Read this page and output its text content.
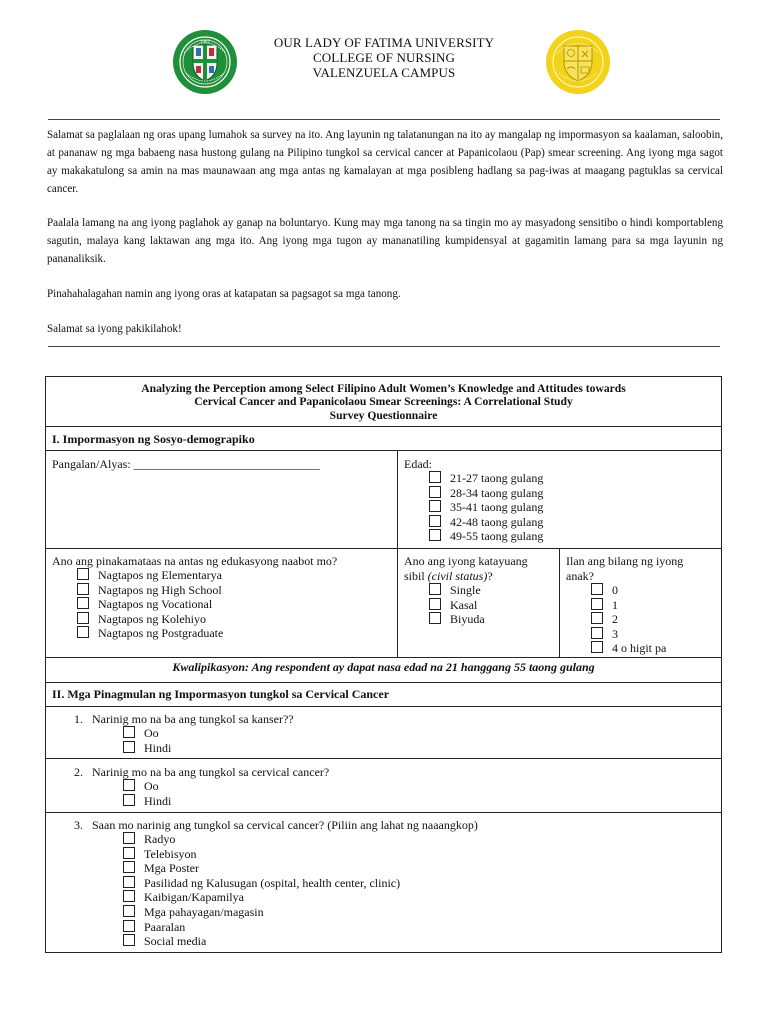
1967	OUR LADY OF FATIMA UNIVERSITY
COLLEGE OF NURSING
VALENZUELA CAMPUS

Salamat sa paglalaan ng oras upang lumahok sa survey na ito. Ang layunin ng talatanungan na ito ay mangalap ng impormasyon sa kaalaman, saloobin, at pananaw ng mga babaeng nasa hustong gulang na Pilipino tungkol sa cervical cancer at Papanicolaou (Pap) smear screening. Ang iyong mga sagot ay makakatulong sa amin na mas maunawaan ang mga antas ng kamalayan at mga posibleng hadlang sa pag-iwas at maagang pagtuklas sa cervical cancer.

Paalala lamang na ang iyong paglahok ay ganap na boluntaryo. Kung may mga tanong na sa tingin mo ay masyadong sensitibo o hindi komportableng sagutin, malaya kang laktawan ang mga ito. Ang iyong mga tugon ay mananatiling kumpidensyal at gagamitin lamang para sa mga layunin ng pananaliksik.

Pinahahalagahan namin ang iyong oras at katapatan sa pagsagot sa mga tanong.

Salamat sa iyong pakikilahok!

Analyzing the Perception among Select Filipino Adult Women’s Knowledge and Attitudes towards
Cervical Cancer and Papanicolaou Smear Screenings: A Correlational Study
Survey Questionnaire
I. Impormasyon ng Sosyo-demograpiko
Pangalan/Alyas: _______________________________	Edad:
21-27 taong gulang
28-34 taong gulang
35-41 taong gulang
42-48 taong gulang
49-55 taong gulang
Ano ang pinakamataas na antas ng edukasyong naabot mo?
Nagtapos ng Elementarya
Nagtapos ng High School
Nagtapos ng Vocational
Nagtapos ng Kolehiyo
Nagtapos ng Postgraduate
Ano ang iyong katayuang
sibil (civil status)?
Single
Kasal
Biyuda
Ilan ang bilang ng iyong
anak?
0
1
2
3
4 o higit pa
Kwalipikasyon: Ang respondent ay dapat nasa edad na 21 hanggang 55 taong gulang
II. Mga Pinagmulan ng Impormasyon tungkol sa Cervical Cancer
1. Narinig mo na ba ang tungkol sa kanser??
Oo
Hindi
2. Narinig mo na ba ang tungkol sa cervical cancer?
Oo
Hindi
3. Saan mo narinig ang tungkol sa cervical cancer? (Piliin ang lahat ng naaangkop)
Radyo
Telebisyon
Mga Poster
Pasilidad ng Kalusugan (ospital, health center, clinic)
Kaibigan/Kapamilya
Mga pahayagan/magasin
Paaralan
Social media
